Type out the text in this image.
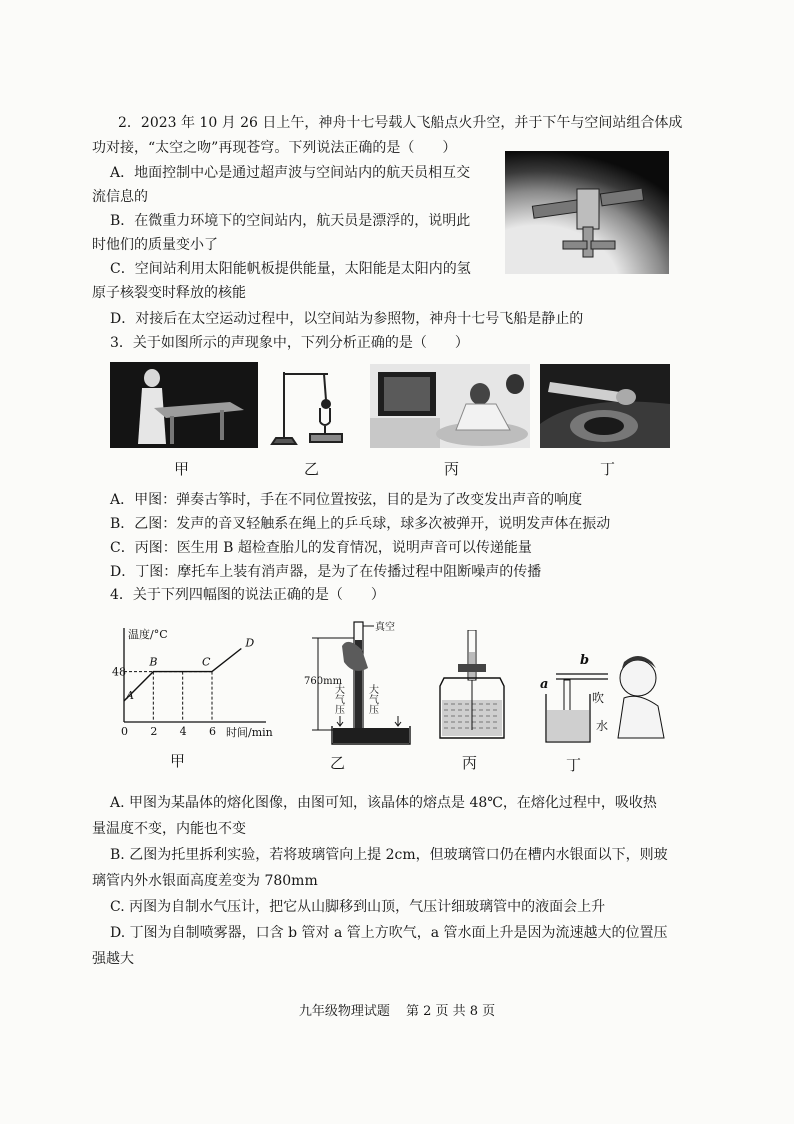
2．2023 年 10 月 26 日上午，神舟十七号载人飞船点火升空，并于下午与空间站组合体成
功对接，“太空之吻”再现苍穹。下列说法正确的是（　　）
A．地面控制中心是通过超声波与空间站内的航天员相互交
流信息的
B．在微重力环境下的空间站内，航天员是漂浮的，说明此
时他们的质量变小了
C．空间站利用太阳能帆板提供能量，太阳能是太阳内的氢
原子核裂变时释放的核能
D．对接后在太空运动过程中，以空间站为参照物，神舟十七号飞船是静止的
3．关于如图所示的声现象中，下列分析正确的是（　　）
甲	乙	丙	丁
A．甲图：弹奏古筝时，手在不同位置按弦，目的是为了改变发出声音的响度
B．乙图：发声的音叉轻触系在绳上的乒乓球，球多次被弹开，说明发声体在振动
C．丙图：医生用 B 超检查胎儿的发育情况，说明声音可以传递能量
D．丁图：摩托车上装有消声器，是为了在传播过程中阻断噪声的传播
4．关于下列四幅图的说法正确的是（　　）
温度/°C
时间/min
0 2 4 6
48
A
B	C
D
真空
760mm
大气压 大气压
b
a
吹
水
甲	乙	丙	丁
A. 甲图为某晶体的熔化图像，由图可知，该晶体的熔点是 48℃，在熔化过程中，吸收热
量温度不变，内能也不变
B. 乙图为托里拆利实验，若将玻璃管向上提 2cm，但玻璃管口仍在槽内水银面以下，则玻
璃管内外水银面高度差变为 780mm
C. 丙图为自制水气压计，把它从山脚移到山顶，气压计细玻璃管中的液面会上升
D. 丁图为自制喷雾器，口含 b 管对 a 管上方吹气，a 管水面上升是因为流速越大的位置压
强越大
九年级物理试题 第 2 页 共 8 页
